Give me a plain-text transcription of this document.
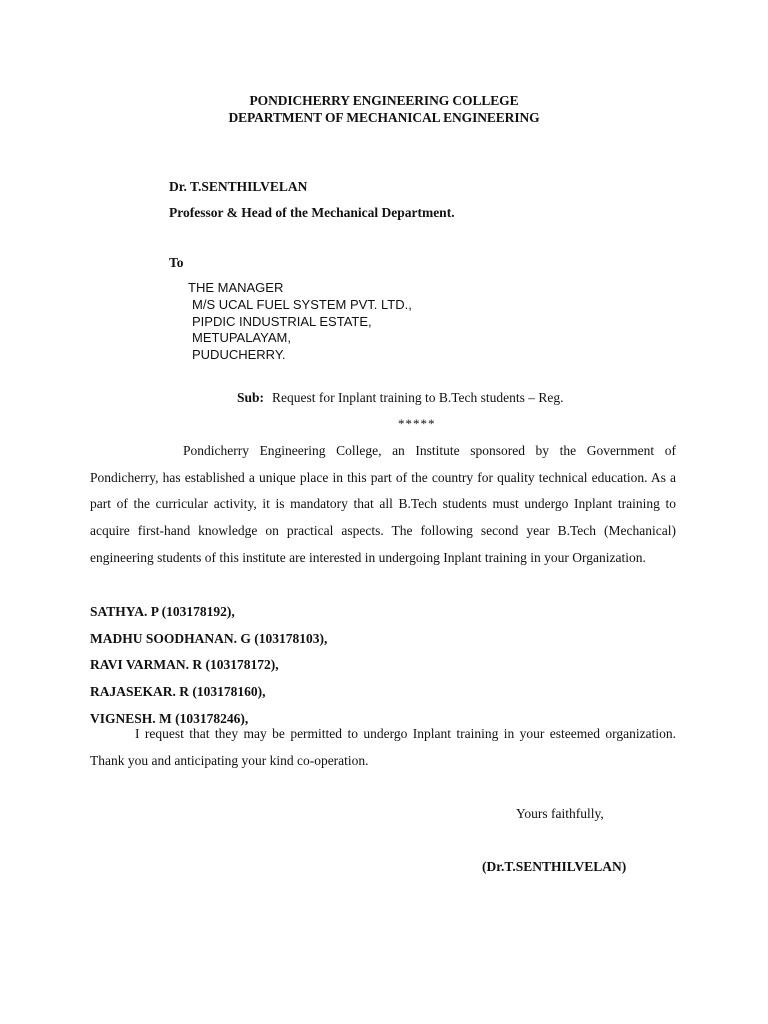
PONDICHERRY ENGINEERING COLLEGE
DEPARTMENT OF MECHANICAL ENGINEERING
Dr. T.SENTHILVELAN
Professor & Head of the Mechanical Department.
To
THE MANAGER
M/S UCAL FUEL SYSTEM PVT. LTD.,
PIPDIC INDUSTRIAL ESTATE,
METUPALAYAM,
PUDUCHERRY.
Sub: Request for Inplant training to B.Tech students – Reg.
*****
Pondicherry Engineering College, an Institute sponsored by the Government of Pondicherry, has established a unique place in this part of the country for quality technical education. As a part of the curricular activity, it is mandatory that all B.Tech students must undergo Inplant training to acquire first-hand knowledge on practical aspects. The following second year B.Tech (Mechanical) engineering students of this institute are interested in undergoing Inplant training in your Organization.
SATHYA. P (103178192),
MADHU SOODHANAN. G (103178103),
RAVI VARMAN. R (103178172),
RAJASEKAR. R (103178160),
VIGNESH. M (103178246),
I request that they may be permitted to undergo Inplant training in your esteemed organization. Thank you and anticipating your kind co-operation.
Yours faithfully,
(Dr.T.SENTHILVELAN)
